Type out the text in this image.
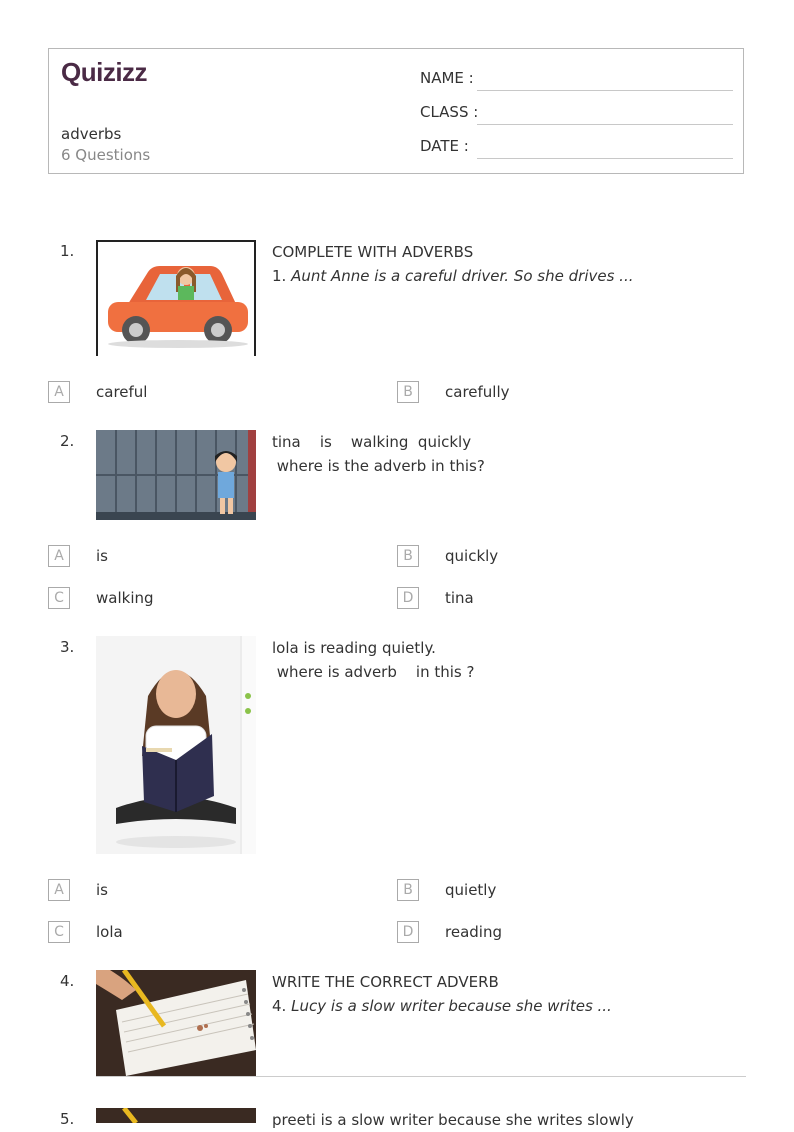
Quizizz
adverbs
6 Questions
NAME :
CLASS :
DATE :
1.	COMPLETE WITH ADVERBS
1. Aunt Anne is a careful driver. So she drives ...
A	careful	B	carefully
2.	tina    is    walking  quickly
where is the adverb in this?
A	is	B	quickly
C	walking	D	tina
3.	lola is reading quietly.
where is adverb    in this ?
A	is	B	quietly
C	lola	D	reading
4.	WRITE THE CORRECT ADVERB
4. Lucy is a slow writer because she writes ...
5.	preeti is a slow writer because she writes slowly
